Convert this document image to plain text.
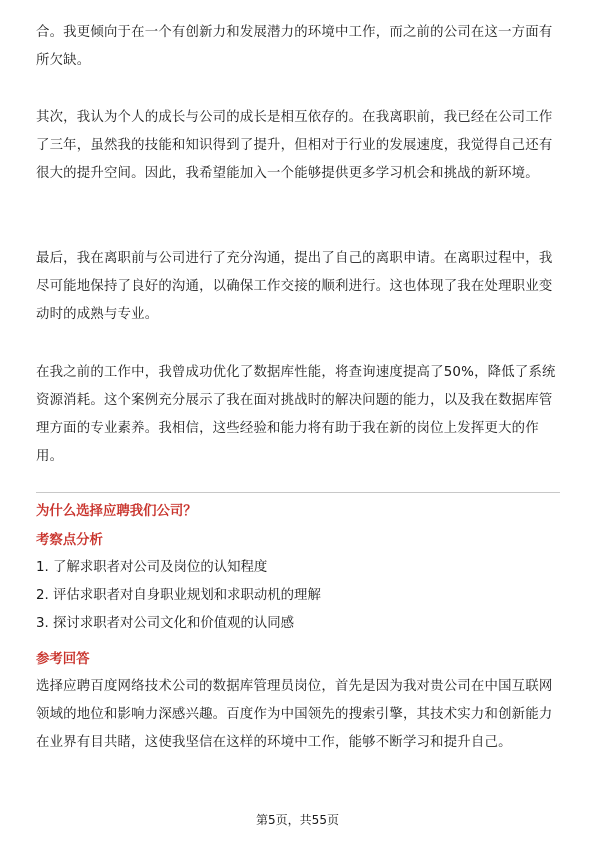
合。我更倾向于在一个有创新力和发展潜力的环境中工作，而之前的公司在这一方面有所欠缺。

其次，我认为个人的成长与公司的成长是相互依存的。在我离职前，我已经在公司工作了三年，虽然我的技能和知识得到了提升，但相对于行业的发展速度，我觉得自己还有很大的提升空间。因此，我希望能加入一个能够提供更多学习机会和挑战的新环境。

最后，我在离职前与公司进行了充分沟通，提出了自己的离职申请。在离职过程中，我尽可能地保持了良好的沟通，以确保工作交接的顺利进行。这也体现了我在处理职业变动时的成熟与专业。

在我之前的工作中，我曾成功优化了数据库性能，将查询速度提高了50%，降低了系统资源消耗。这个案例充分展示了我在面对挑战时的解决问题的能力，以及我在数据库管理方面的专业素养。我相信，这些经验和能力将有助于我在新的岗位上发挥更大的作用。

为什么选择应聘我们公司？

考察点分析

1. 了解求职者对公司及岗位的认知程度

2. 评估求职者对自身职业规划和求职动机的理解

3. 探讨求职者对公司文化和价值观的认同感

参考回答

选择应聘百度网络技术公司的数据库管理员岗位，首先是因为我对贵公司在中国互联网领域的地位和影响力深感兴趣。百度作为中国领先的搜索引擎，其技术实力和创新能力在业界有目共睹，这使我坚信在这样的环境中工作，能够不断学习和提升自己。

第5页，共55页
